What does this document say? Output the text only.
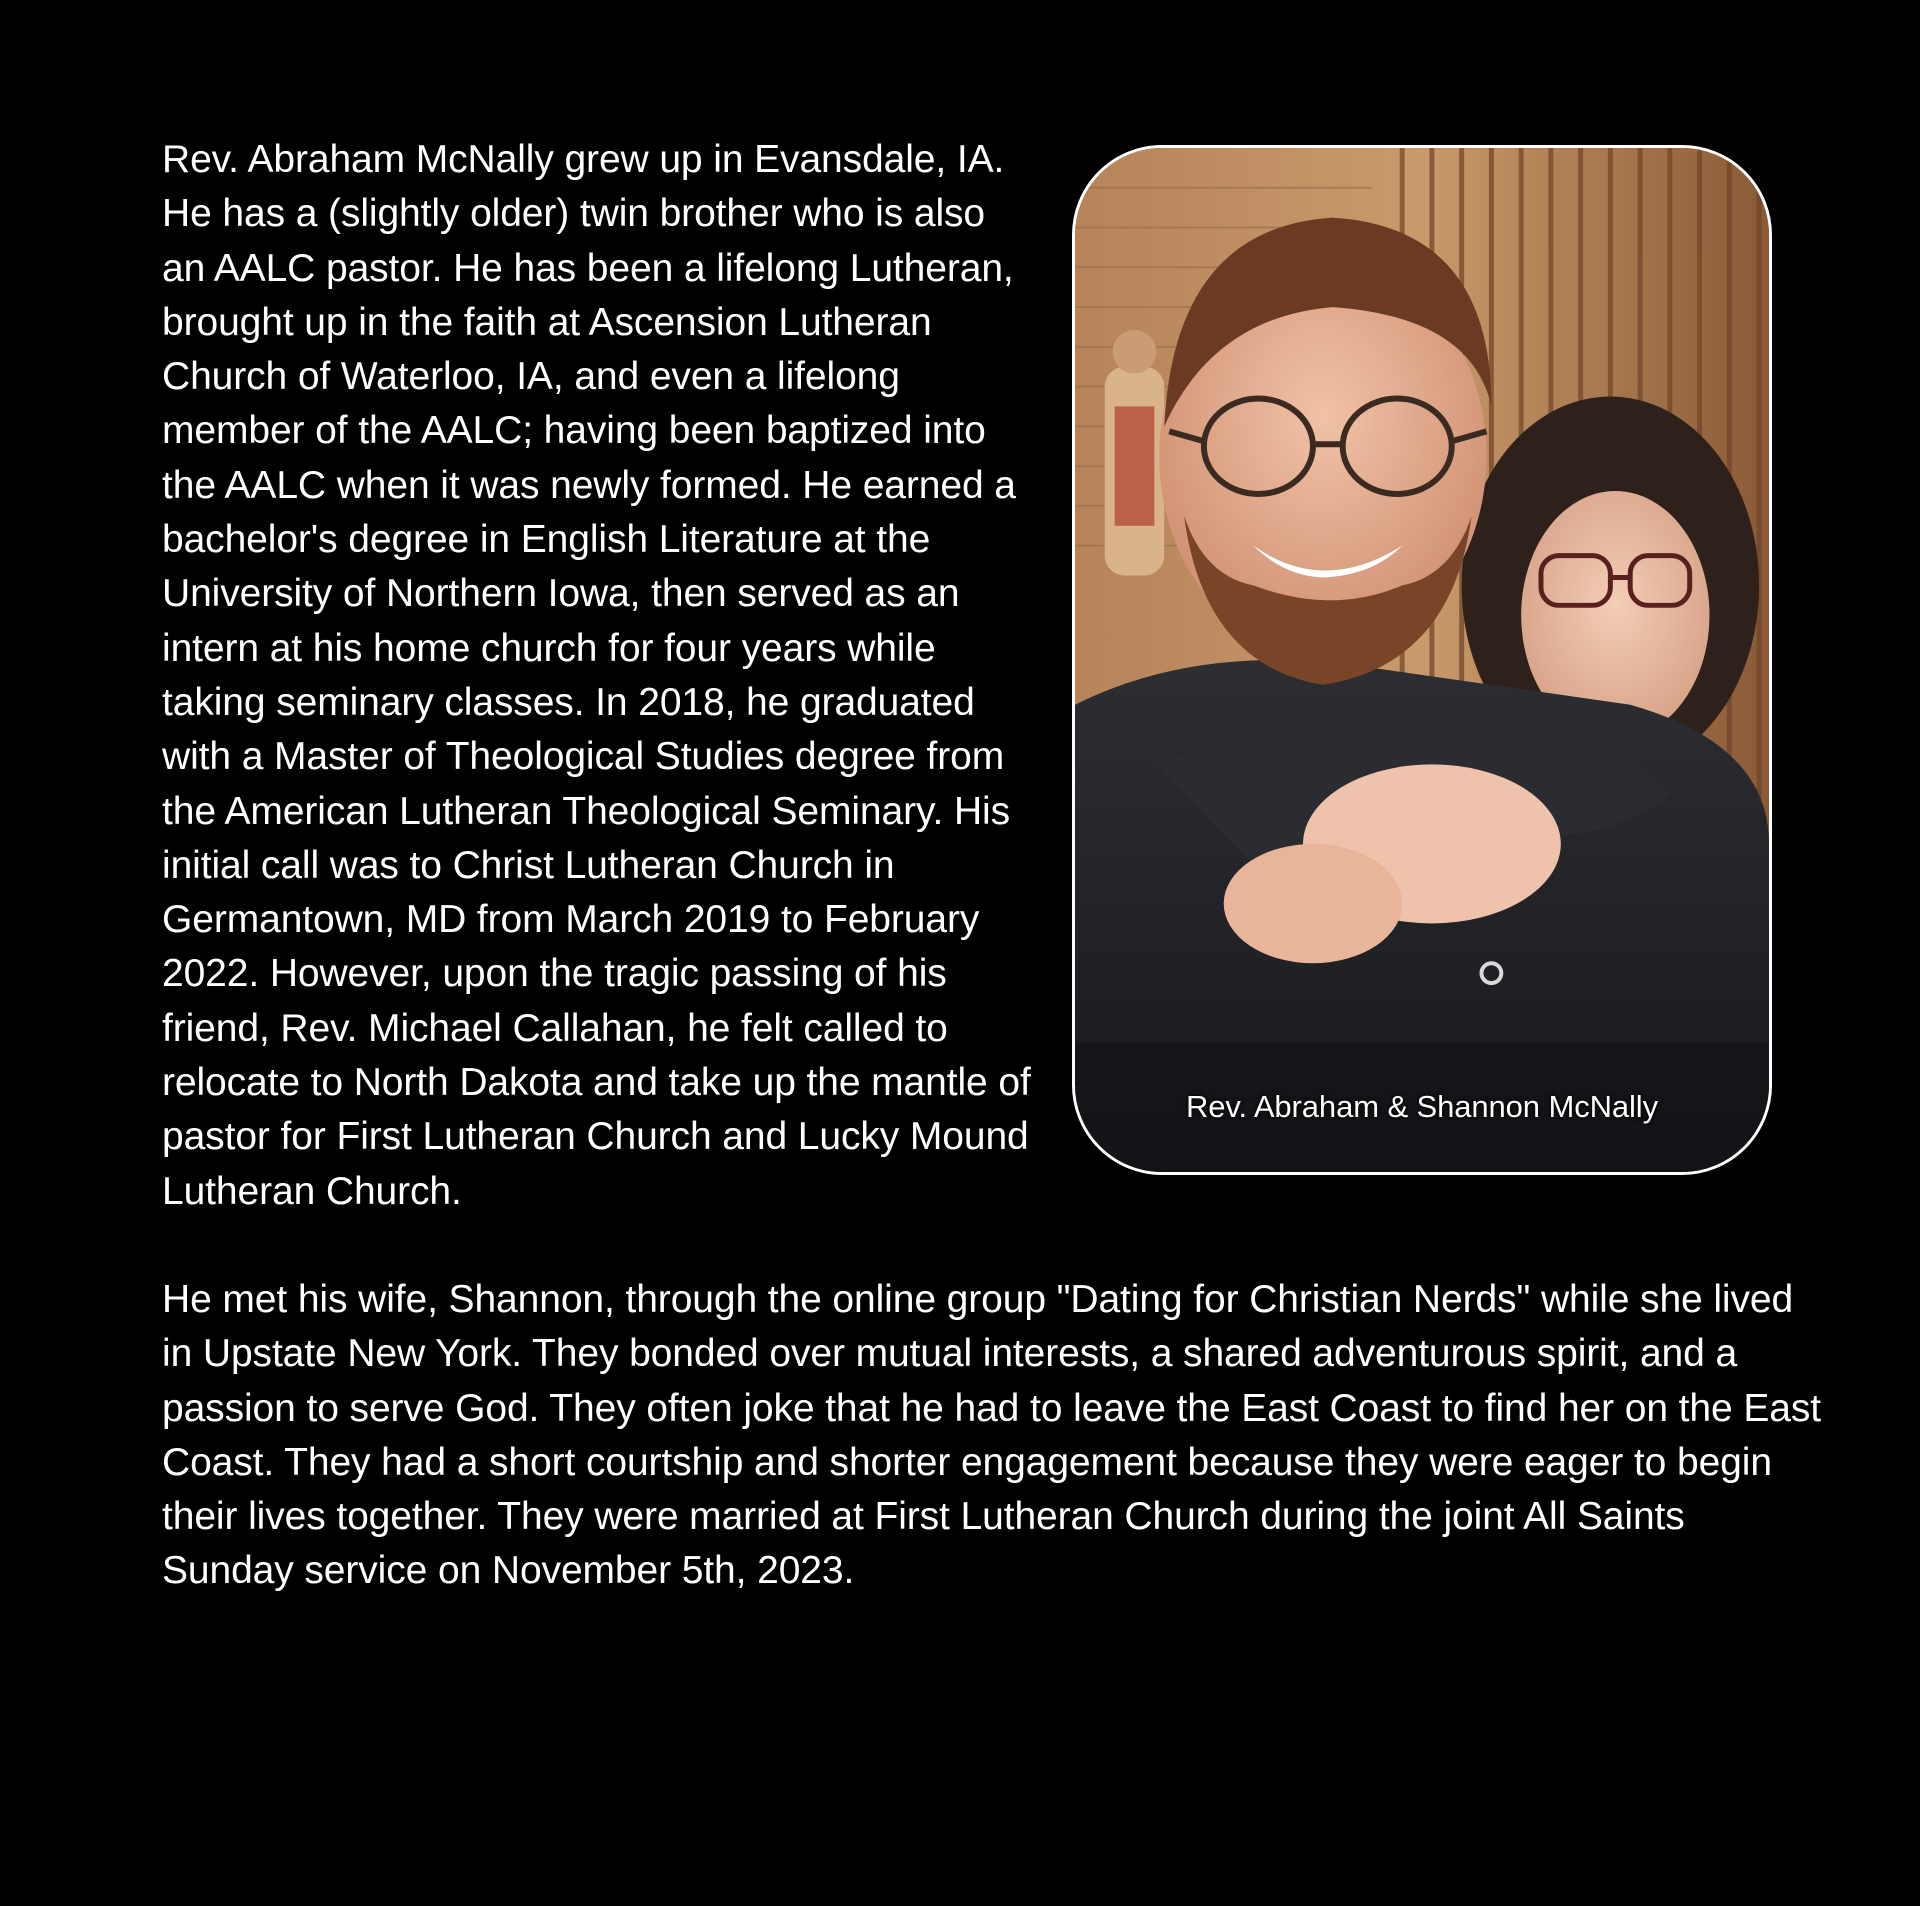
Rev. Abraham & Shannon McNally

Rev. Abraham McNally grew up in Evansdale, IA. He has a (slightly older) twin brother who is also an AALC pastor. He has been a lifelong Lutheran, brought up in the faith at Ascension Lutheran Church of Waterloo, IA, and even a lifelong member of the AALC; having been baptized into the AALC when it was newly formed. He earned a bachelor's degree in English Literature at the University of Northern Iowa, then served as an intern at his home church for four years while taking seminary classes. In 2018, he graduated with a Master of Theological Studies degree from the American Lutheran Theological Seminary. His initial call was to Christ Lutheran Church in Germantown, MD from March 2019 to February 2022. However, upon the tragic passing of his friend, Rev. Michael Callahan, he felt called to relocate to North Dakota and take up the mantle of pastor for First Lutheran Church and Lucky Mound Lutheran Church.

He met his wife, Shannon, through the online group "Dating for Christian Nerds" while she lived in Upstate New York. They bonded over mutual interests, a shared adventurous spirit, and a passion to serve God. They often joke that he had to leave the East Coast to find her on the East Coast. They had a short courtship and shorter engagement because they were eager to begin their lives together. They were married at First Lutheran Church during the joint All Saints Sunday service on November 5th, 2023.
